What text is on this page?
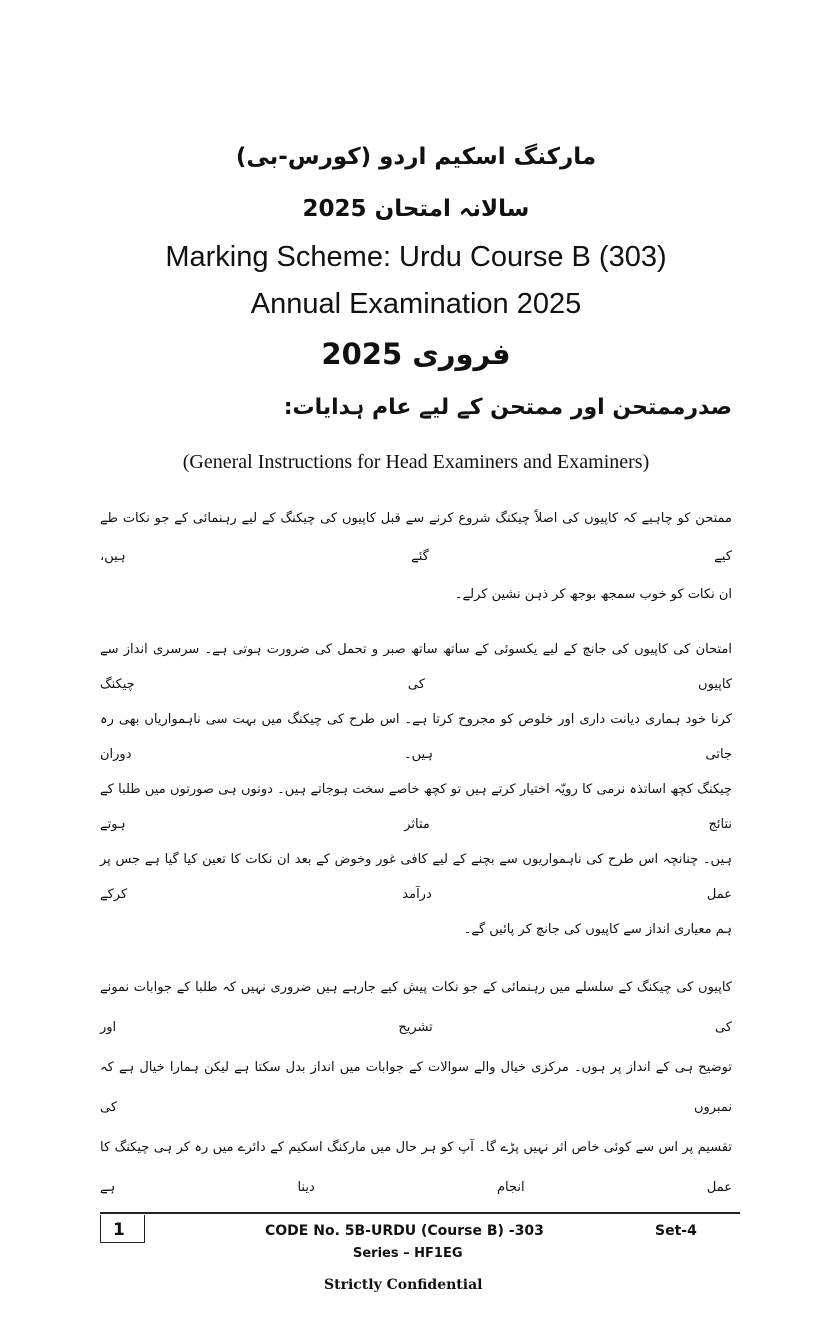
مارکنگ اسکیم اردو (کورس-بی)
سالانہ امتحان 2025
Marking Scheme: Urdu Course B (303)
Annual Examination 2025
فروری 2025
صدرممتحن اور ممتحن کے لیے عام ہدایات:
(General Instructions for Head Examiners and Examiners)
ممتحن کو چاہیے کہ کاپیوں کی اصلاً چیکنگ شروع کرنے سے قبل کاپیوں کی چیکنگ کے لیے رہنمائی کے جو نکات طے کیے گئے ہیں،
ان نکات کو خوب سمجھ بوجھ کر ذہن نشین کرلے۔
امتحان کی کاپیوں کی جانچ کے لیے یکسوئی کے ساتھ ساتھ صبر و تحمل کی ضرورت ہوتی ہے۔ سرسری انداز سے کاپیوں کی چیکنگ
کرنا خود ہماری دیانت داری اور خلوص کو مجروح کرتا ہے۔ اس طرح کی چیکنگ میں بہت سی ناہمواریاں بھی رہ جاتی ہیں۔ دوران
چیکنگ کچھ اساتذہ نرمی کا رویّہ اختیار کرتے ہیں تو کچھ خاصے سخت ہوجاتے ہیں۔ دونوں ہی صورتوں میں طلبا کے نتائج متاثر ہوتے
ہیں۔ چنانچہ اس طرح کی ناہمواریوں سے بچنے کے لیے کافی غور وخوض کے بعد ان نکات کا تعین کیا گیا ہے جس پر عمل درآمد کرکے
ہم معیاری انداز سے کاپیوں کی جانچ کر پائیں گے۔
کاپیوں کی چیکنگ کے سلسلے میں رہنمائی کے جو نکات پیش کیے جارہے ہیں ضروری نہیں کہ طلبا کے جوابات نمونے کی تشریح اور
توضیح ہی کے انداز پر ہوں۔ مرکزی خیال والے سوالات کے جوابات میں انداز بدل سکتا ہے لیکن ہمارا خیال ہے کہ نمبروں کی
تقسیم پر اس سے کوئی خاص اثر نہیں پڑے گا۔ آپ کو ہر حال میں مارکنگ اسکیم کے دائرے میں رہ کر ہی چیکنگ کا عمل انجام دینا ہے
1	CODE No. 5B-URDU (Course B) -303	Set-4
Series – HF1EG
Strictly Confidential
